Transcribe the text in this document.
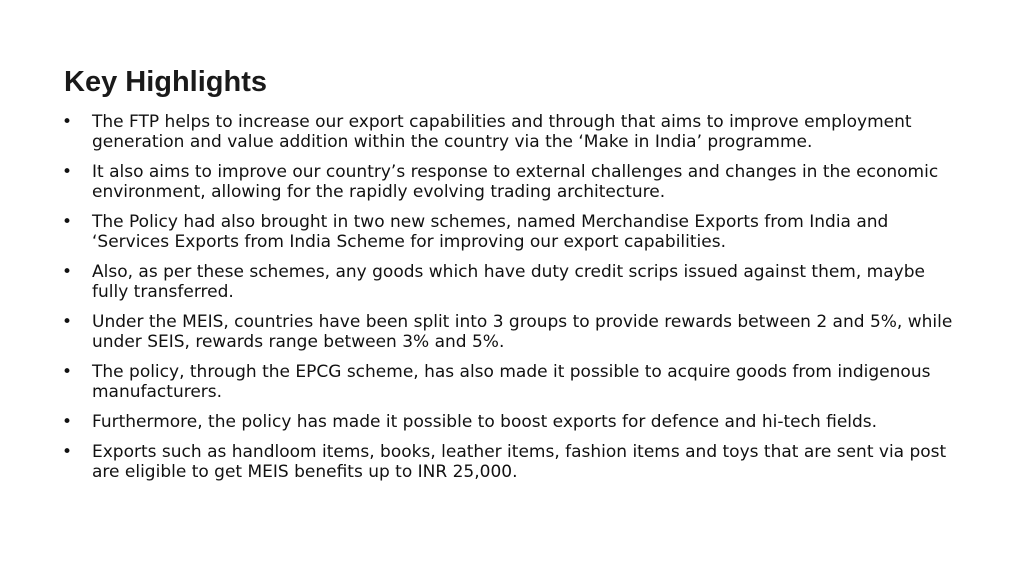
Key Highlights
• The FTP helps to increase our export capabilities and through that aims to improve employment generation and value addition within the country via the ‘Make in India’ programme.
• It also aims to improve our country’s response to external challenges and changes in the economic environment, allowing for the rapidly evolving trading architecture.
• The Policy had also brought in two new schemes, named Merchandise Exports from India and ‘Services Exports from India Scheme for improving our export capabilities.
• Also, as per these schemes, any goods which have duty credit scrips issued against them, maybe fully transferred.
• Under the MEIS, countries have been split into 3 groups to provide rewards between 2 and 5%, while under SEIS, rewards range between 3% and 5%.
• The policy, through the EPCG scheme, has also made it possible to acquire goods from indigenous manufacturers.
• Furthermore, the policy has made it possible to boost exports for defence and hi-tech fields.
• Exports such as handloom items, books, leather items, fashion items and toys that are sent via post are eligible to get MEIS benefits up to INR 25,000.
